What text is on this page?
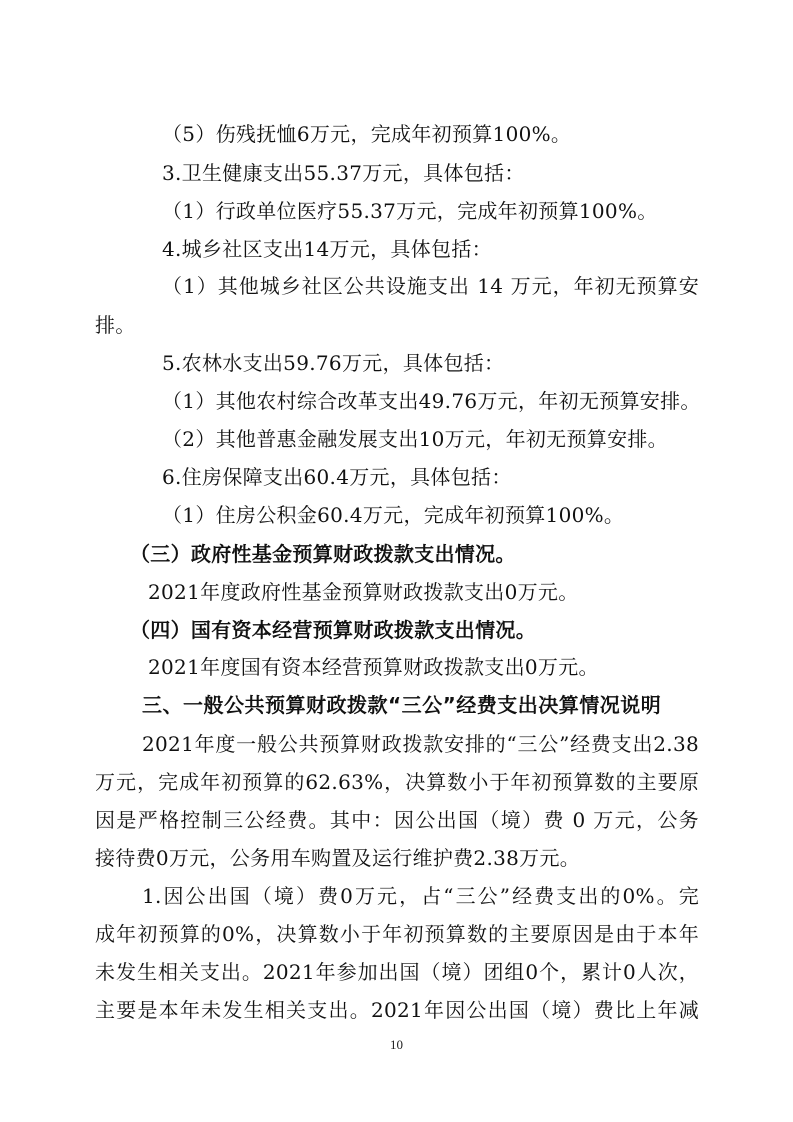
（5）伤残抚恤6万元，完成年初预算100%。
3.卫生健康支出55.37万元，具体包括：
（1）行政单位医疗55.37万元，完成年初预算100%。
4.城乡社区支出14万元，具体包括：
（1）其他城乡社区公共设施支出 14 万元，年初无预算安
排。
5.农林水支出59.76万元，具体包括：
（1）其他农村综合改革支出49.76万元，年初无预算安排。
（2）其他普惠金融发展支出10万元，年初无预算安排。
6.住房保障支出60.4万元，具体包括：
（1）住房公积金60.4万元，完成年初预算100%。
（三）政府性基金预算财政拨款支出情况。
2021年度政府性基金预算财政拨款支出0万元。
（四）国有资本经营预算财政拨款支出情况。
2021年度国有资本经营预算财政拨款支出0万元。
三、一般公共预算财政拨款“三公”经费支出决算情况说明
2021年度一般公共预算财政拨款安排的“三公”经费支出2.38
万元，完成年初预算的62.63%，决算数小于年初预算数的主要原
因是严格控制三公经费。其中：因公出国（境）费 0 万元，公务
接待费0万元，公务用车购置及运行维护费2.38万元。
1.因公出国（境）费0万元，占“三公”经费支出的0%。完
成年初预算的0%，决算数小于年初预算数的主要原因是由于本年
未发生相关支出。2021年参加出国（境）团组0个，累计0人次，
主要是本年未发生相关支出。2021年因公出国（境）费比上年减
10
